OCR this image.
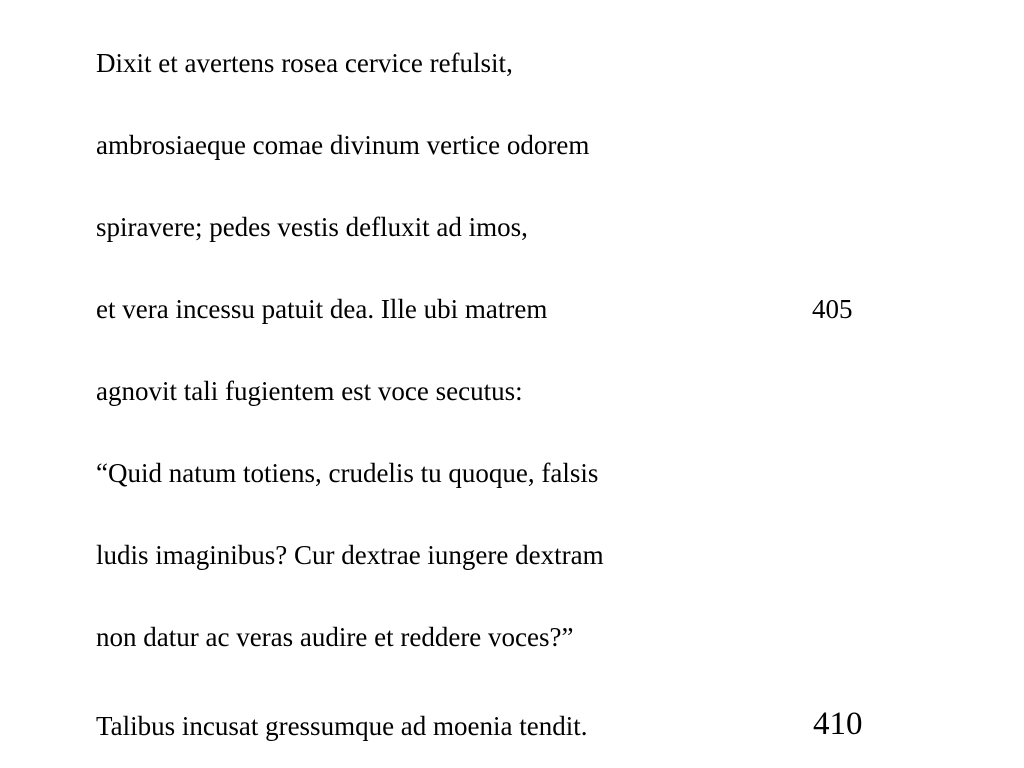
Dixit et avertens rosea cervice refulsit,
ambrosiaeque comae divinum vertice odorem
spiravere; pedes vestis defluxit ad imos,
et vera incessu patuit dea. Ille ubi matrem	405
agnovit tali fugientem est voce secutus:
“Quid natum totiens, crudelis tu quoque, falsis
ludis imaginibus? Cur dextrae iungere dextram
non datur ac veras audire et reddere voces?”
Talibus incusat gressumque ad moenia tendit.	410
